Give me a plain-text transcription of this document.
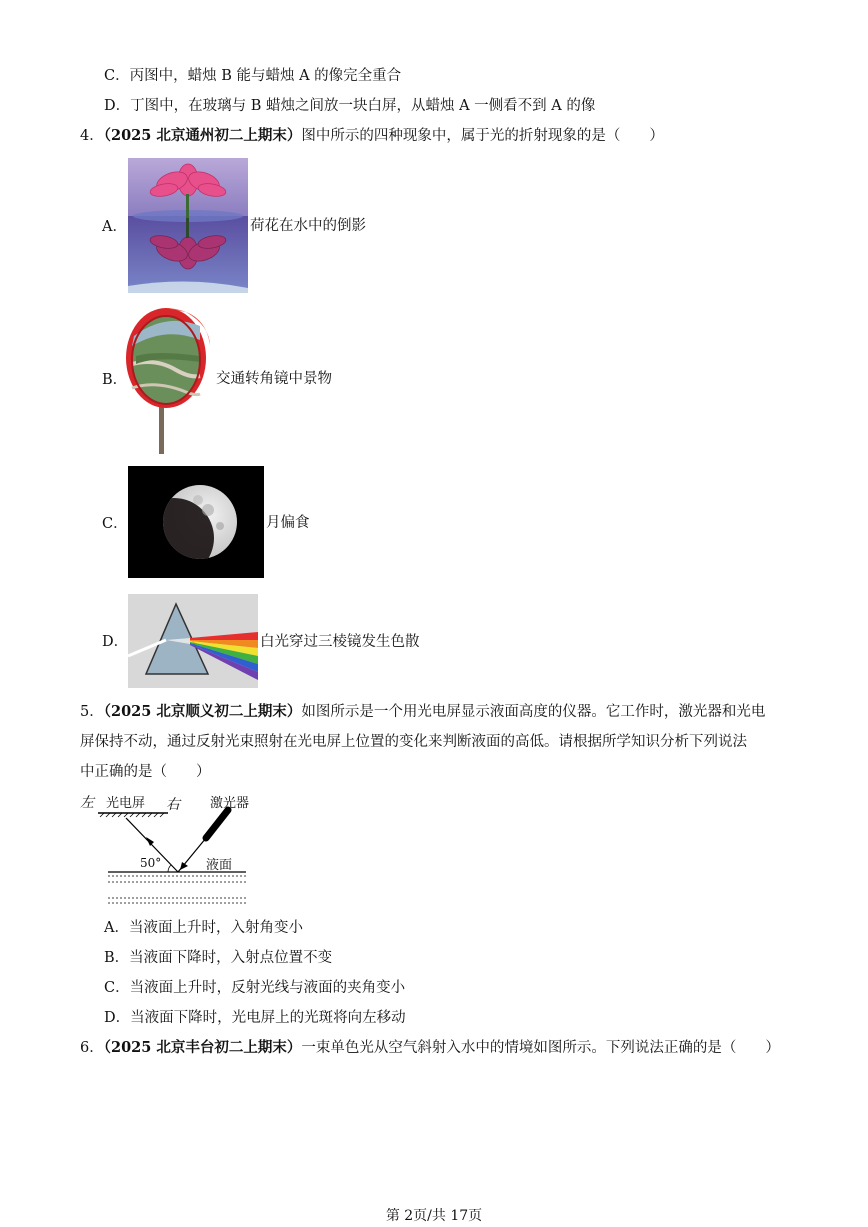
C．丙图中，蜡烛 B 能与蜡烛 A 的像完全重合
D．丁图中，在玻璃与 B 蜡烛之间放一块白屏，从蜡烛 A 一侧看不到 A 的像
4．（2025 北京通州初二上期末）图中所示的四种现象中，属于光的折射现象的是（　　）
A．	荷花在水中的倒影
B．	交通转角镜中景物
C．	月偏食
D．	白光穿过三棱镜发生色散
5．（2025 北京顺义初二上期末）如图所示是一个用光电屏显示液面高度的仪器。它工作时，激光器和光电
屏保持不动，通过反射光束照射在光电屏上位置的变化来判断液面的高低。请根据所学知识分析下列说法
中正确的是（　　）
左 光电屏 右 激光器
50°	液面
A．当液面上升时，入射角变小
B．当液面下降时，入射点位置不变
C．当液面上升时，反射光线与液面的夹角变小
D．当液面下降时，光电屏上的光斑将向左移动
6．（2025 北京丰台初二上期末）一束单色光从空气斜射入水中的情境如图所示。下列说法正确的是（　　）
第 2页/共 17页
